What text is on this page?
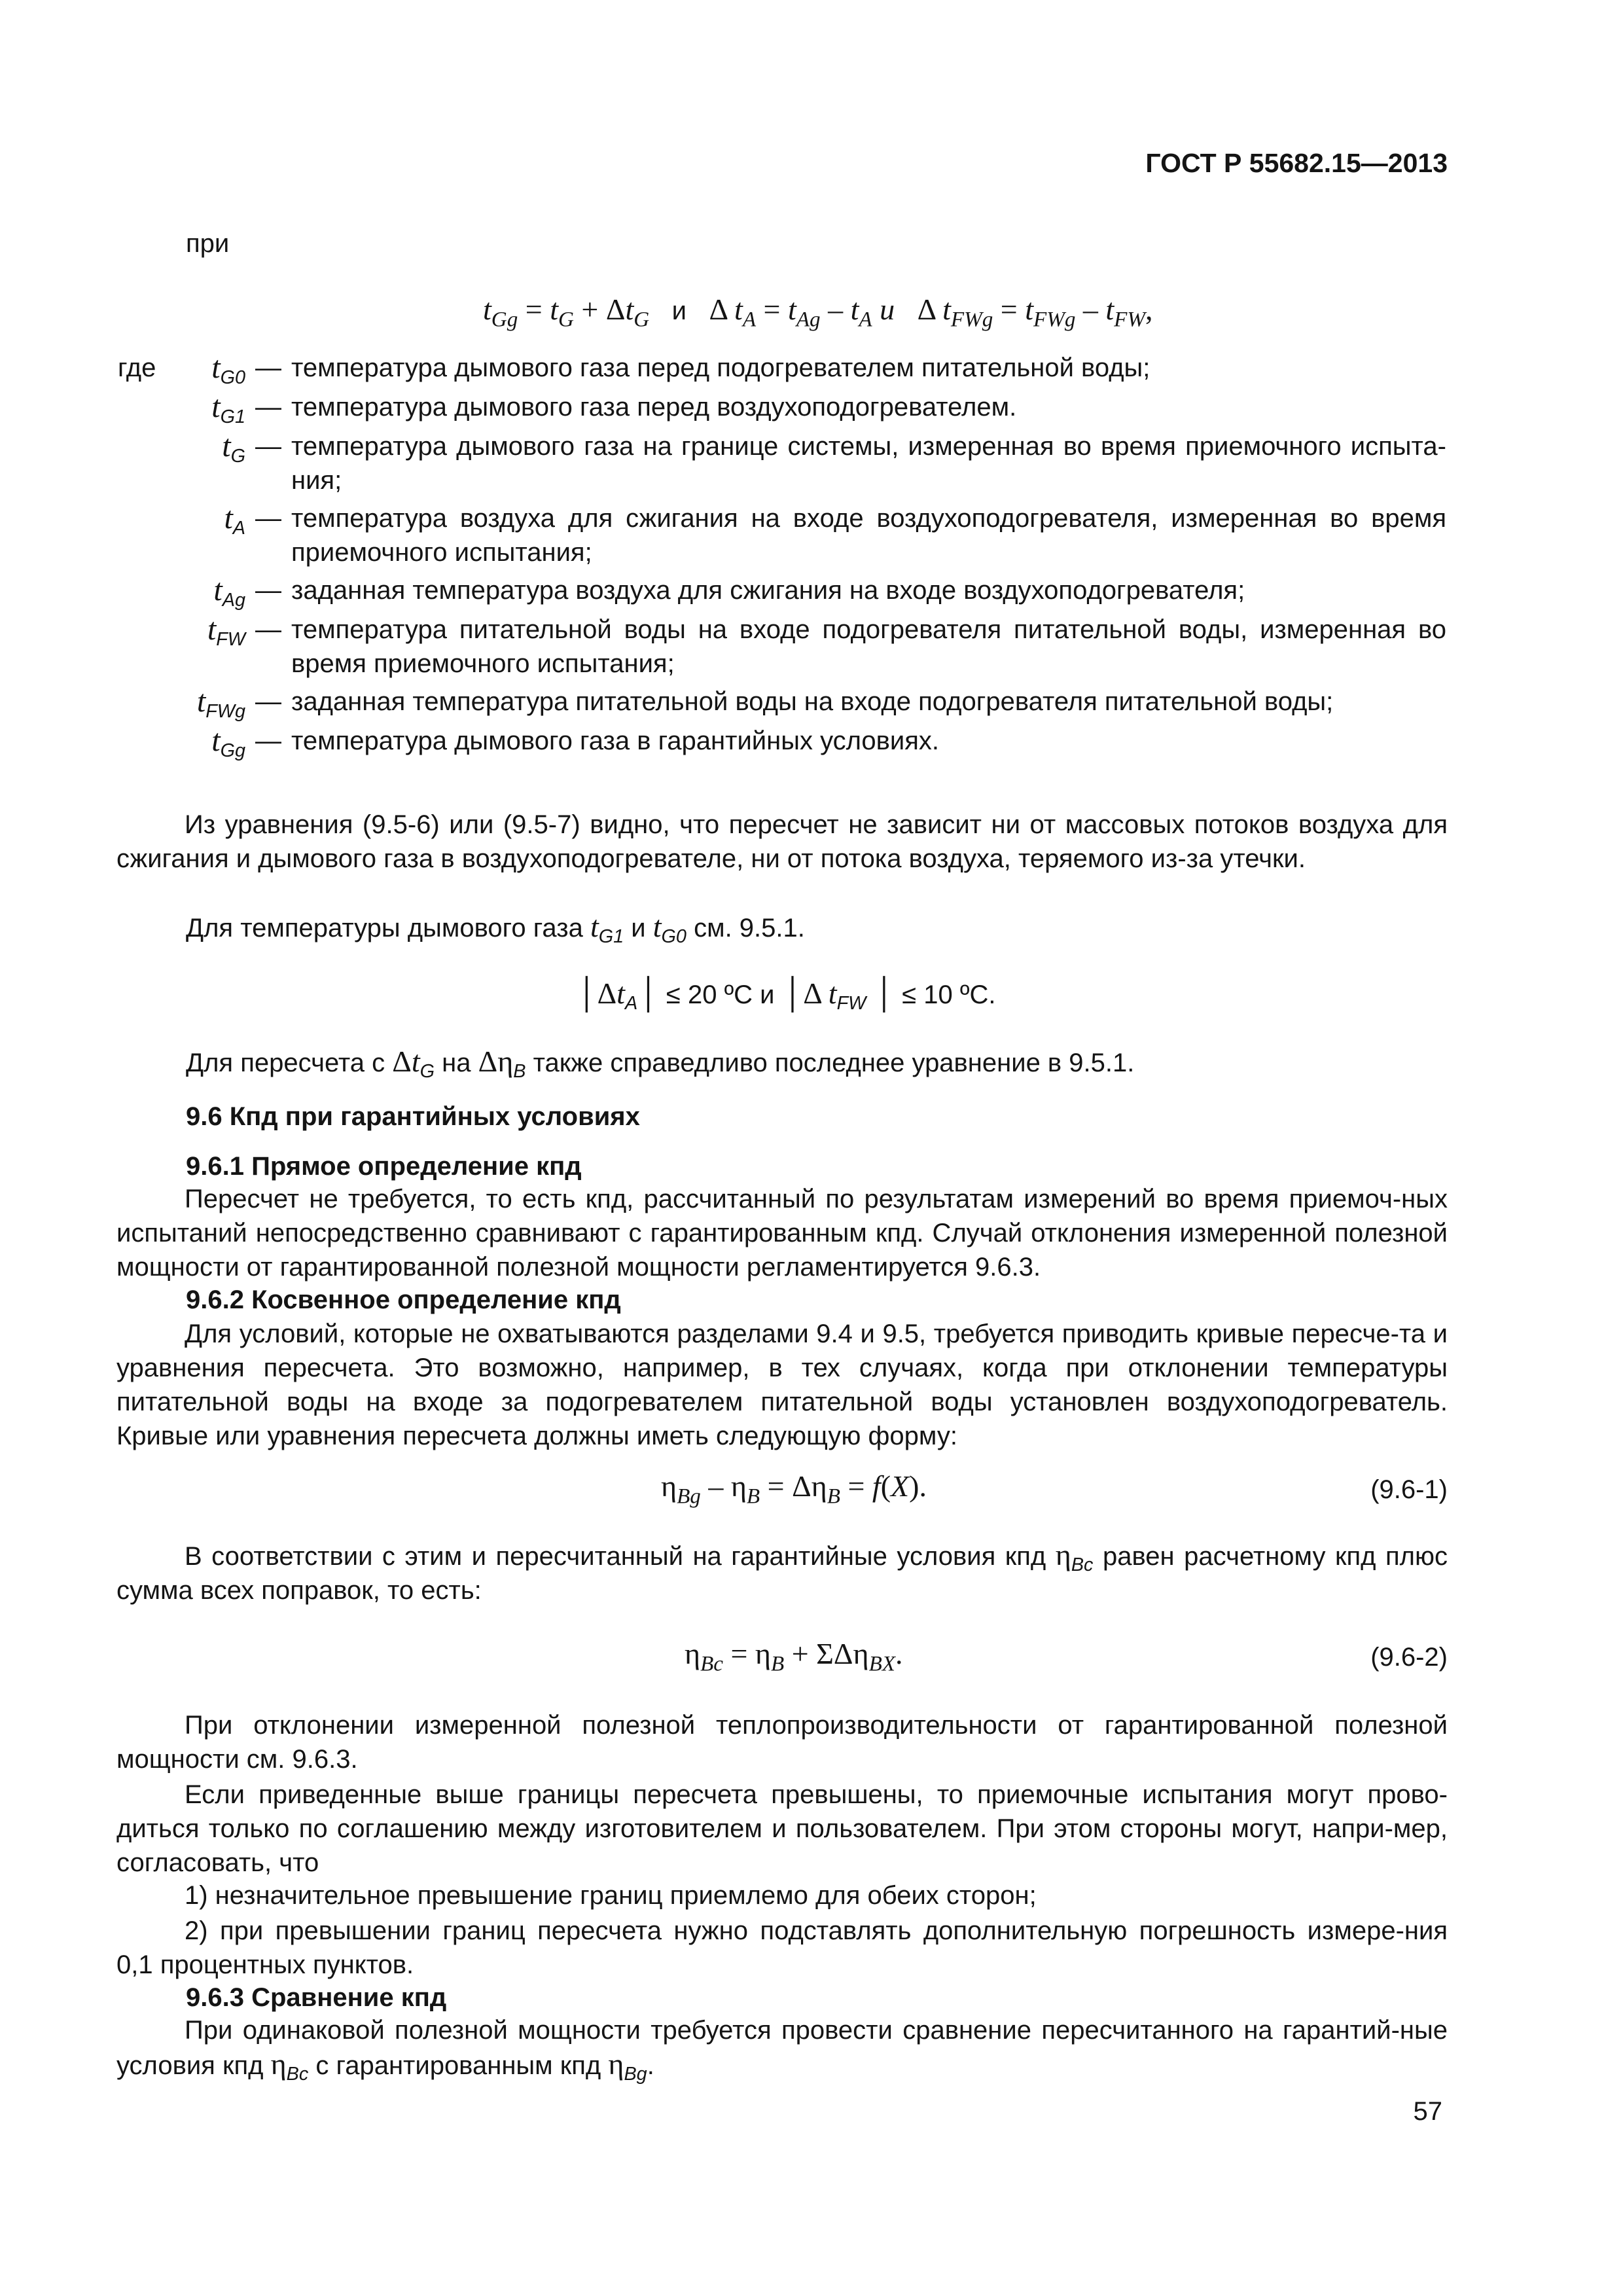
ГОСТ Р 55682.15—2013
при
$t_{Gg} = t_G + \Delta t_G$ и   Δ $t_A = t_{Ag} - t_A$ u   Δ $t_{FWg} = t_{FWg} - t_{FW}$,
где $t_{G0}$ — температура дымового газа перед подогревателем питательной воды;
$t_{G1}$ — температура дымового газа перед воздухоподогревателем.
$t_G$ — температура дымового газа на границе системы, измеренная во время приемочного испыта-ния;
$t_A$ — температура воздуха для сжигания на входе воздухоподогревателя, измеренная во время приемочного испытания;
$t_{Ag}$ — заданная температура воздуха для сжигания на входе воздухоподогревателя;
$t_{FW}$ — температура питательной воды на входе подогревателя питательной воды, измеренная во время приемочного испытания;
$t_{FWg}$ — заданная температура питательной воды на входе подогревателя питательной воды;
$t_{Gg}$ — температура дымового газа в гарантийных условиях.
Из уравнения (9.5-6) или (9.5-7) видно, что пересчет не зависит ни от массовых потоков воздуха для сжигания и дымового газа в воздухоподогревателе, ни от потока воздуха, теряемого из-за утечки.
Для температуры дымового газа $t_{G1}$ и $t_{G0}$ см. 9.5.1.
$│\Delta t_A│ \le 20$ ºC и │Δ $t_{FW}$ │ ≤ 10 ºC.
Для пересчета с $\Delta t_G$ на $\Delta\eta_B$ также справедливо последнее уравнение в 9.5.1.
9.6 Кпд при гарантийных условиях
9.6.1 Прямое определение кпд
Пересчет не требуется, то есть кпд, рассчитанный по результатам измерений во время приемоч-ных испытаний непосредственно сравнивают с гарантированным кпд. Случай отклонения измеренной полезной мощности от гарантированной полезной мощности регламентируется 9.6.3.
9.6.2 Косвенное определение кпд
Для условий, которые не охватываются разделами 9.4 и 9.5, требуется приводить кривые пересче-та и уравнения пересчета. Это возможно, например, в тех случаях, когда при отклонении температуры питательной воды на входе за подогревателем питательной воды установлен воздухоподогреватель. Кривые или уравнения пересчета должны иметь следующую форму:
$\eta_{Bg} - \eta_B = \Delta\eta_B = f(X)$.	(9.6-1)
В соответствии с этим и пересчитанный на гарантийные условия кпд $\eta_{Bc}$ равен расчетному кпд плюс сумма всех поправок, то есть:
$\eta_{Bc} = \eta_B + \Sigma\Delta\eta_{BX}$.	(9.6-2)
При отклонении измеренной полезной теплопроизводительности от гарантированной полезной мощности см. 9.6.3.
Если приведенные выше границы пересчета превышены, то приемочные испытания могут прово-диться только по соглашению между изготовителем и пользователем. При этом стороны могут, напри-мер, согласовать, что
1) незначительное превышение границ приемлемо для обеих сторон;
2) при превышении границ пересчета нужно подставлять дополнительную погрешность измере-ния 0,1 процентных пунктов.
9.6.3 Сравнение кпд
При одинаковой полезной мощности требуется провести сравнение пересчитанного на гарантий-ные условия кпд $\eta_{Bc}$ с гарантированным кпд $\eta_{Bg}$.
57
